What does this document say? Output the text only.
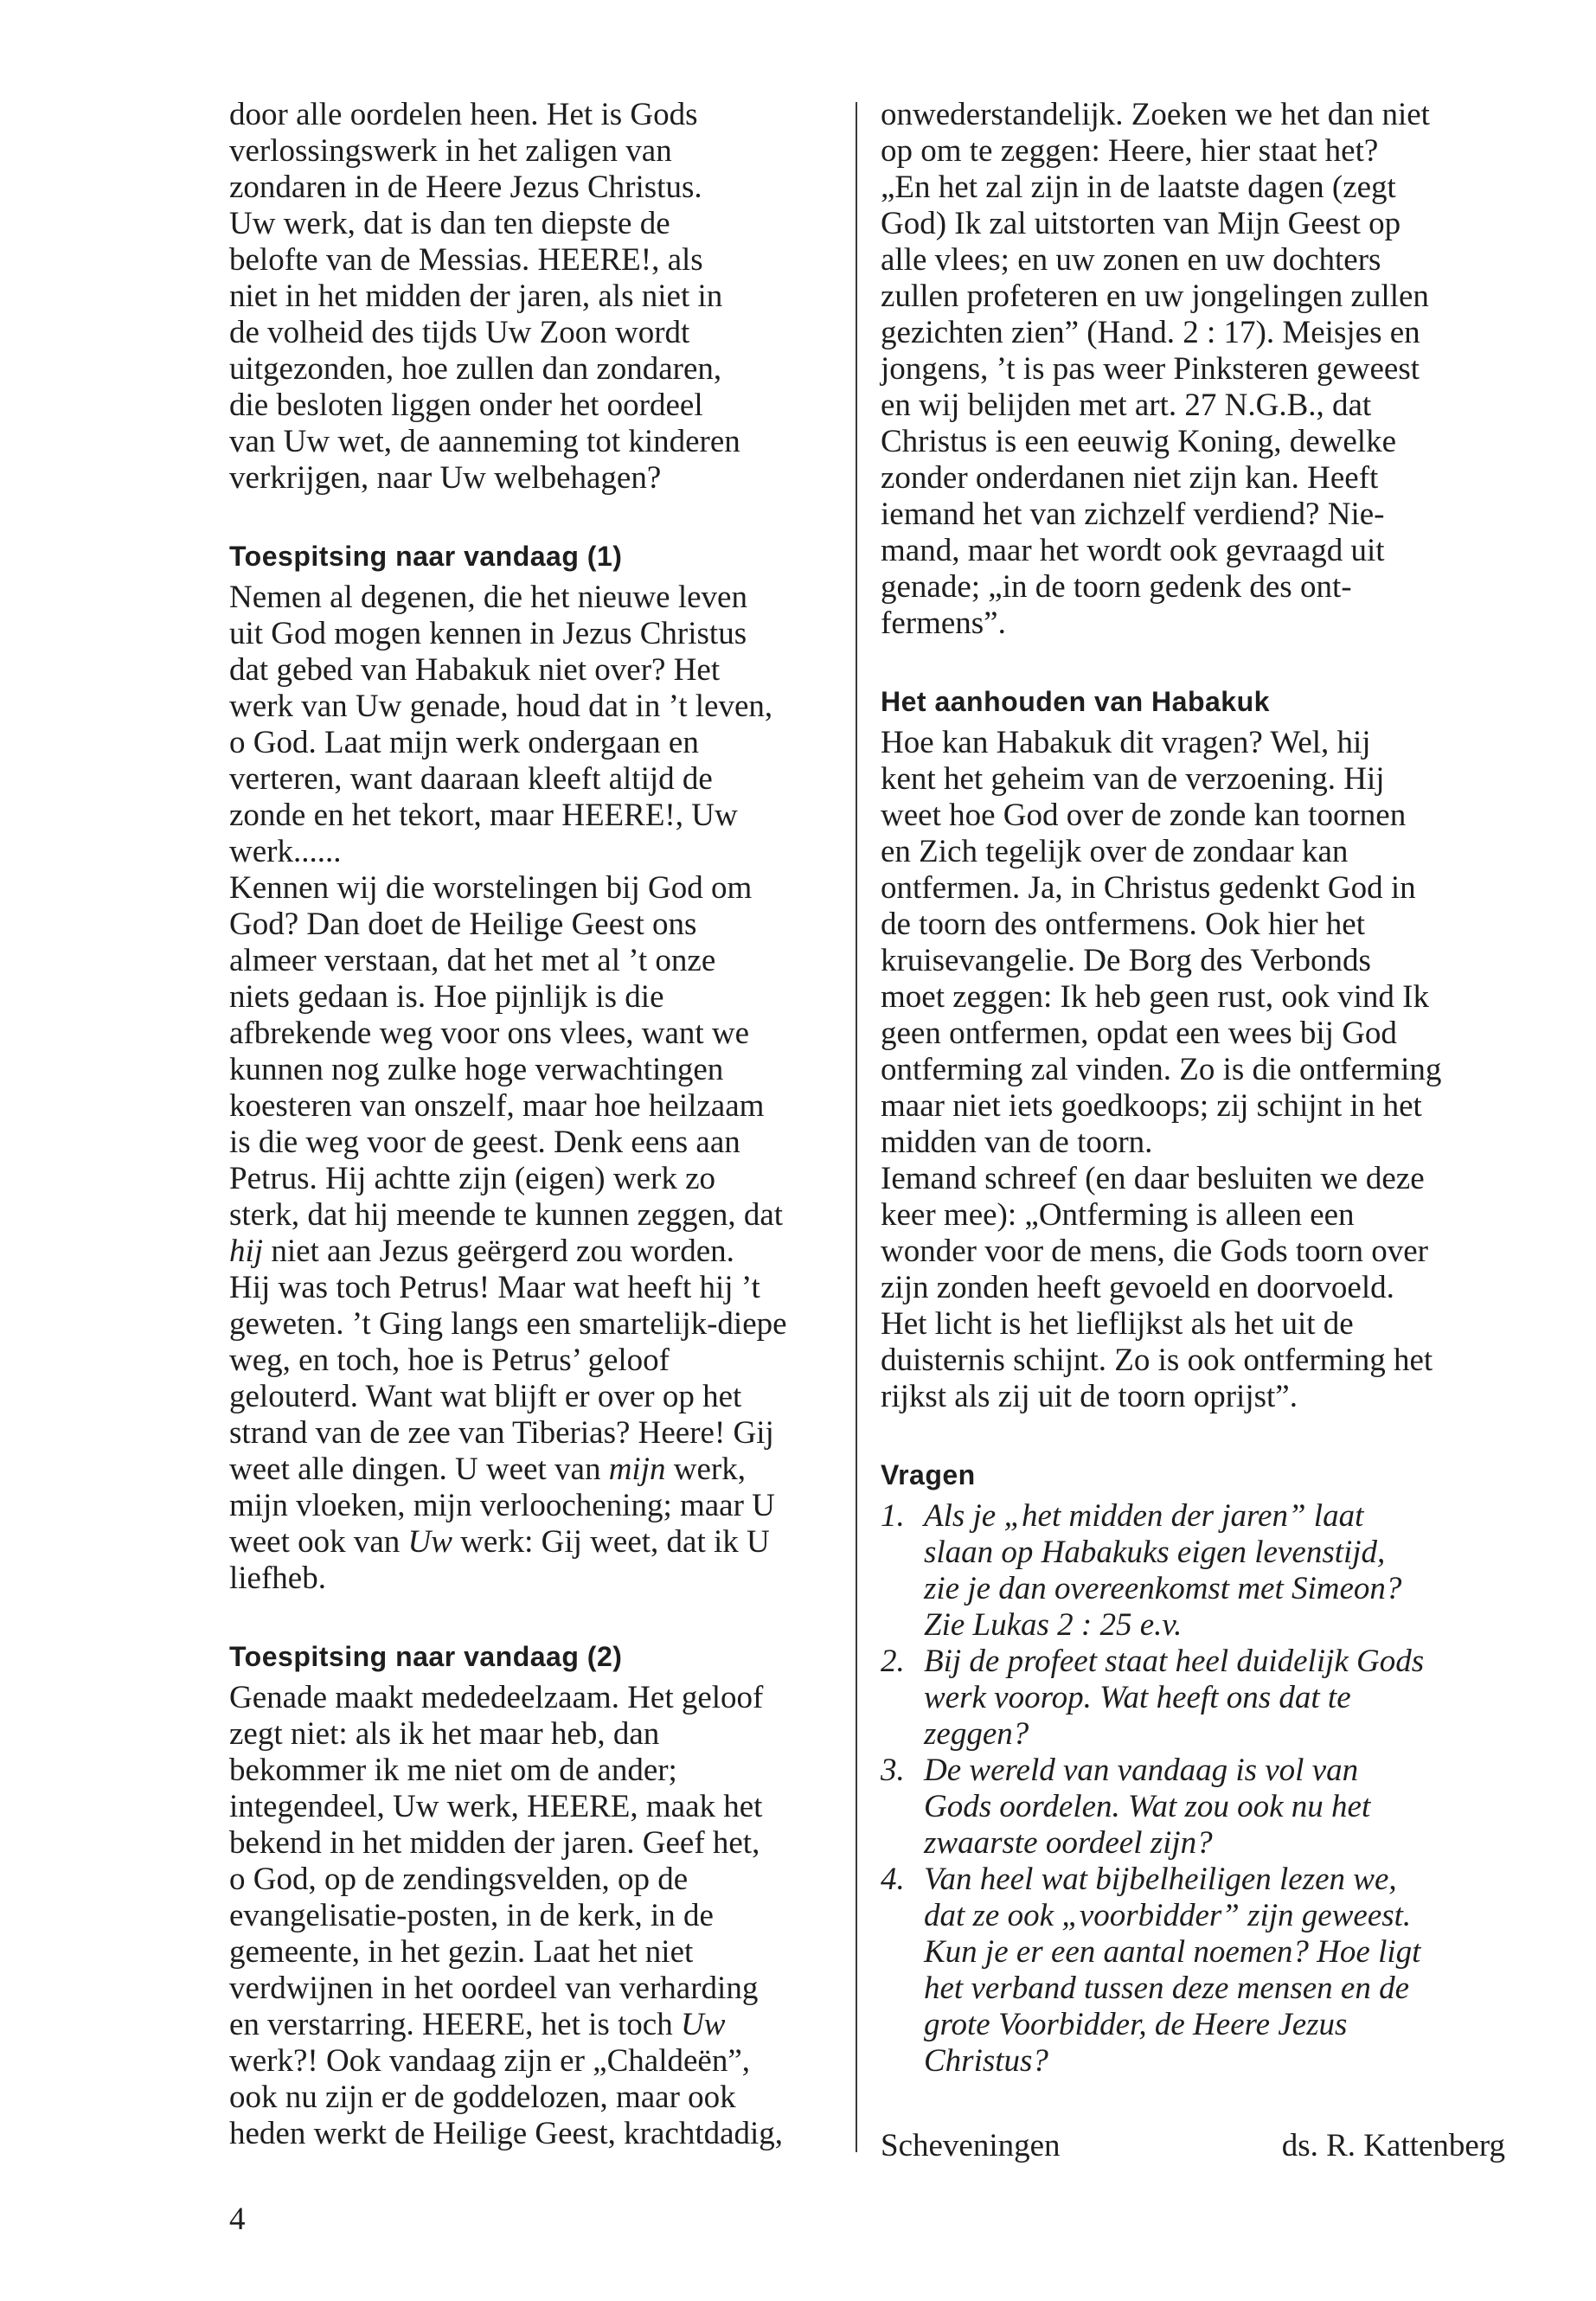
door alle oordelen heen. Het is Gods
verlossingswerk in het zaligen van
zondaren in de Heere Jezus Christus.
Uw werk, dat is dan ten diepste de
belofte van de Messias. HEERE!, als
niet in het midden der jaren, als niet in
de volheid des tijds Uw Zoon wordt
uitgezonden, hoe zullen dan zondaren,
die besloten liggen onder het oordeel
van Uw wet, de aanneming tot kinderen
verkrijgen, naar Uw welbehagen?

Toespitsing naar vandaag (1)

Nemen al degenen, die het nieuwe leven
uit God mogen kennen in Jezus Christus
dat gebed van Habakuk niet over? Het
werk van Uw genade, houd dat in ’t leven,
o God. Laat mijn werk ondergaan en
verteren, want daaraan kleeft altijd de
zonde en het tekort, maar HEERE!, Uw
werk......

Kennen wij die worstelingen bij God om
God? Dan doet de Heilige Geest ons
almeer verstaan, dat het met al ’t onze
niets gedaan is. Hoe pijnlijk is die
afbrekende weg voor ons vlees, want we
kunnen nog zulke hoge verwachtingen
koesteren van onszelf, maar hoe heilzaam
is die weg voor de geest. Denk eens aan
Petrus. Hij achtte zijn (eigen) werk zo
sterk, dat hij meende te kunnen zeggen, dat
hij niet aan Jezus geërgerd zou worden.
Hij was toch Petrus! Maar wat heeft hij ’t
geweten. ’t Ging langs een smartelijk-diepe
weg, en toch, hoe is Petrus’ geloof
gelouterd. Want wat blijft er over op het
strand van de zee van Tiberias? Heere! Gij
weet alle dingen. U weet van mijn werk,
mijn vloeken, mijn verloochening; maar U
weet ook van Uw werk: Gij weet, dat ik U
liefheb.

Toespitsing naar vandaag (2)

Genade maakt mededeelzaam. Het geloof
zegt niet: als ik het maar heb, dan
bekommer ik me niet om de ander;
integendeel, Uw werk, HEERE, maak het
bekend in het midden der jaren. Geef het,
o God, op de zendingsvelden, op de
evangelisatie-posten, in de kerk, in de
gemeente, in het gezin. Laat het niet
verdwijnen in het oordeel van verharding
en verstarring. HEERE, het is toch Uw
werk?! Ook vandaag zijn er „Chaldeën”,
ook nu zijn er de goddelozen, maar ook
heden werkt de Heilige Geest, krachtdadig,

onwederstandelijk. Zoeken we het dan niet
op om te zeggen: Heere, hier staat het?
„En het zal zijn in de laatste dagen (zegt
God) Ik zal uitstorten van Mijn Geest op
alle vlees; en uw zonen en uw dochters
zullen profeteren en uw jongelingen zullen
gezichten zien” (Hand. 2 : 17). Meisjes en
jongens, ’t is pas weer Pinksteren geweest
en wij belijden met art. 27 N.G.B., dat
Christus is een eeuwig Koning, dewelke
zonder onderdanen niet zijn kan. Heeft
iemand het van zichzelf verdiend? Nie-
mand, maar het wordt ook gevraagd uit
genade; „in de toorn gedenk des ont-
fermens”.

Het aanhouden van Habakuk

Hoe kan Habakuk dit vragen? Wel, hij
kent het geheim van de verzoening. Hij
weet hoe God over de zonde kan toornen
en Zich tegelijk over de zondaar kan
ontfermen. Ja, in Christus gedenkt God in
de toorn des ontfermens. Ook hier het
kruisevangelie. De Borg des Verbonds
moet zeggen: Ik heb geen rust, ook vind Ik
geen ontfermen, opdat een wees bij God
ontferming zal vinden. Zo is die ontferming
maar niet iets goedkoops; zij schijnt in het
midden van de toorn.

Iemand schreef (en daar besluiten we deze
keer mee): „Ontferming is alleen een
wonder voor de mens, die Gods toorn over
zijn zonden heeft gevoeld en doorvoeld.
Het licht is het lieflijkst als het uit de
duisternis schijnt. Zo is ook ontferming het
rijkst als zij uit de toorn oprijst”.

Vragen
1. Als je „het midden der jaren” laat
slaan op Habakuks eigen levenstijd,
zie je dan overeenkomst met Simeon?
Zie Lukas 2 : 25 e.v.
2. Bij de profeet staat heel duidelijk Gods
werk voorop. Wat heeft ons dat te
zeggen?
3. De wereld van vandaag is vol van
Gods oordelen. Wat zou ook nu het
zwaarste oordeel zijn?
4. Van heel wat bijbelheiligen lezen we,
dat ze ook „voorbidder” zijn geweest.
Kun je er een aantal noemen? Hoe ligt
het verband tussen deze mensen en de
grote Voorbidder, de Heere Jezus
Christus?
Scheveningen	ds. R. Kattenberg
4
